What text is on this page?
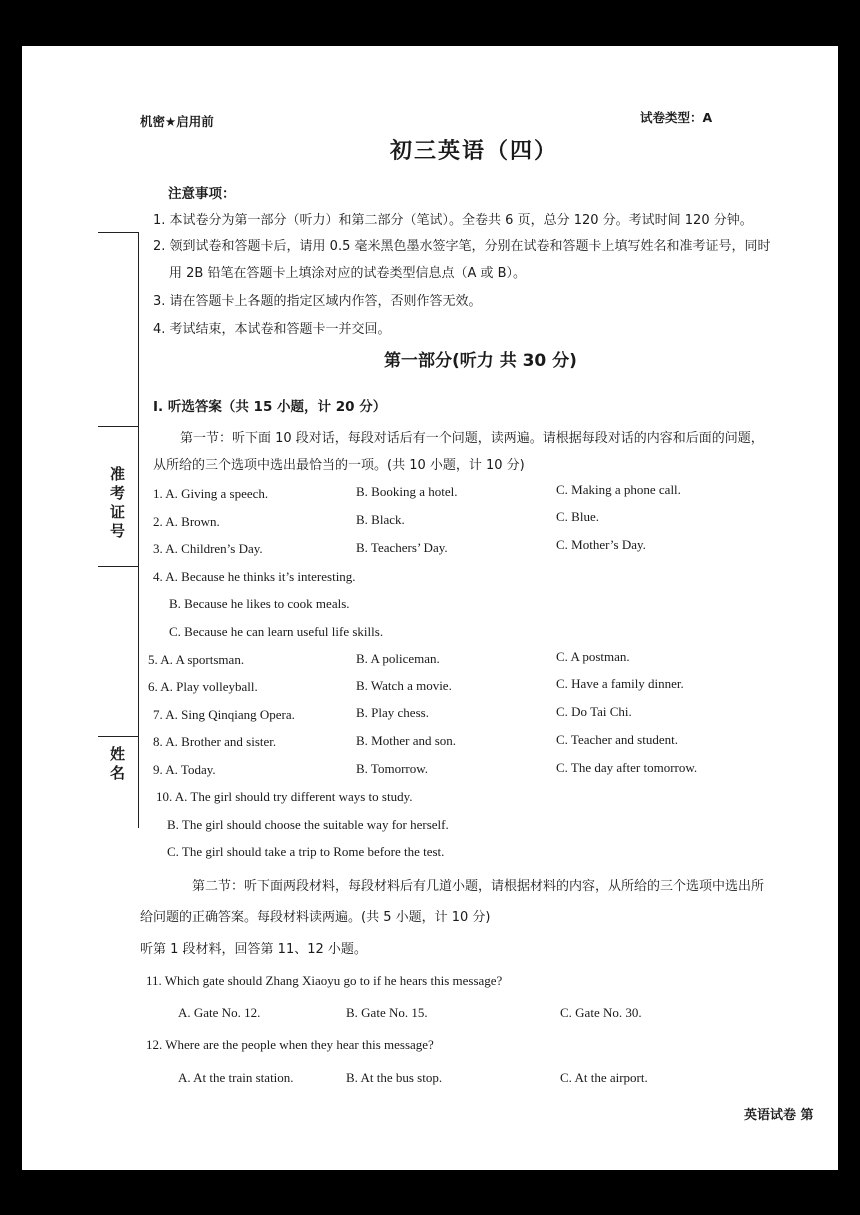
机密★启用前	试卷类型：A
初三英语（四）
注意事项：
1. 本试卷分为第一部分（听力）和第二部分（笔试）。全卷共 6 页，总分 120 分。考试时间 120 分钟。
2. 领到试卷和答题卡后，请用 0.5 毫米黑色墨水签字笔，分别在试卷和答题卡上填写姓名和准考证号，同时
用 2B 铅笔在答题卡上填涂对应的试卷类型信息点（A 或 B）。
3. 请在答题卡上各题的指定区域内作答，否则作答无效。
4. 考试结束，本试卷和答题卡一并交回。
第一部分(听力 共 30 分)
I. 听选答案（共 15 小题，计 20 分）
第一节：听下面 10 段对话，每段对话后有一个问题，读两遍。请根据每段对话的内容和后面的问题，
从所给的三个选项中选出最恰当的一项。(共 10 小题，计 10 分)
1. A. Giving a speech.	B. Booking a hotel.	C. Making a phone call.
2. A. Brown.	B. Black.	C. Blue.
3. A. Children’s Day.	B. Teachers’ Day.	C. Mother’s Day.
4. A. Because he thinks it’s interesting.
B. Because he likes to cook meals.
C. Because he can learn useful life skills.
5. A. A sportsman.	B. A policeman.	C. A postman.
6. A. Play volleyball.	B. Watch a movie.	C. Have a family dinner.
7. A. Sing Qinqiang Opera.	B. Play chess.	C. Do Tai Chi.
8. A. Brother and sister.	B. Mother and son.	C. Teacher and student.
9. A. Today.	B. Tomorrow.	C. The day after tomorrow.
10. A. The girl should try different ways to study.
B. The girl should choose the suitable way for herself.
C. The girl should take a trip to Rome before the test.
第二节：听下面两段材料，每段材料后有几道小题，请根据材料的内容，从所给的三个选项中选出所
给问题的正确答案。每段材料读两遍。(共 5 小题，计 10 分)
听第 1 段材料，回答第 11、12 小题。
11. Which gate should Zhang Xiaoyu go to if he hears this message?
A. Gate No. 12.	B. Gate No. 15.	C. Gate No. 30.
12. Where are the people when they hear this message?
A. At the train station.	B. At the bus stop.	C. At the airport.
英语试卷 第
准考证号
姓名
